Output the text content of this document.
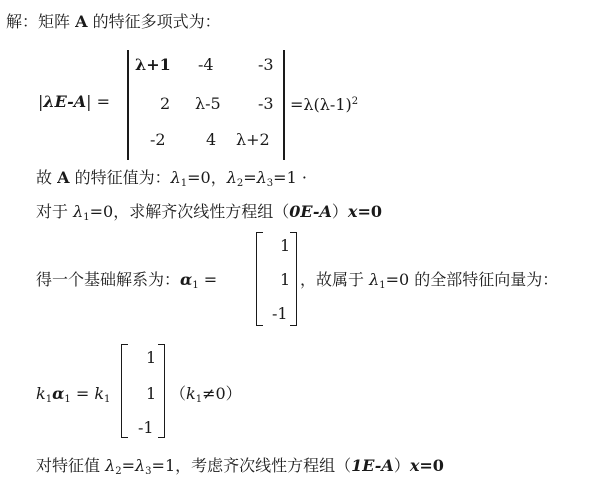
解：矩阵 A 的特征多项式为：
|λE-A| =
λ+1 -4	-3
2 λ-5 -3
-2	4 λ+2
$=\lambda(\lambda-1)^2$
故 A 的特征值为：$\lambda_1=0$，$\lambda_2=\lambda_3=1$ ·
对于 $\lambda_1=0$，求解齐次线性方程组（0E-A）x=0
得一个基础解系为：$\alpha_1$ =
1
1
-1
，故属于 $\lambda_1=0$ 的全部特征向量为：
$k_1\alpha_1 = k_1$
1
1
-1
$(k_1\ne 0)$
对特征值 $\lambda_2=\lambda_3=1$，考虑齐次线性方程组（1E-A）x=0
